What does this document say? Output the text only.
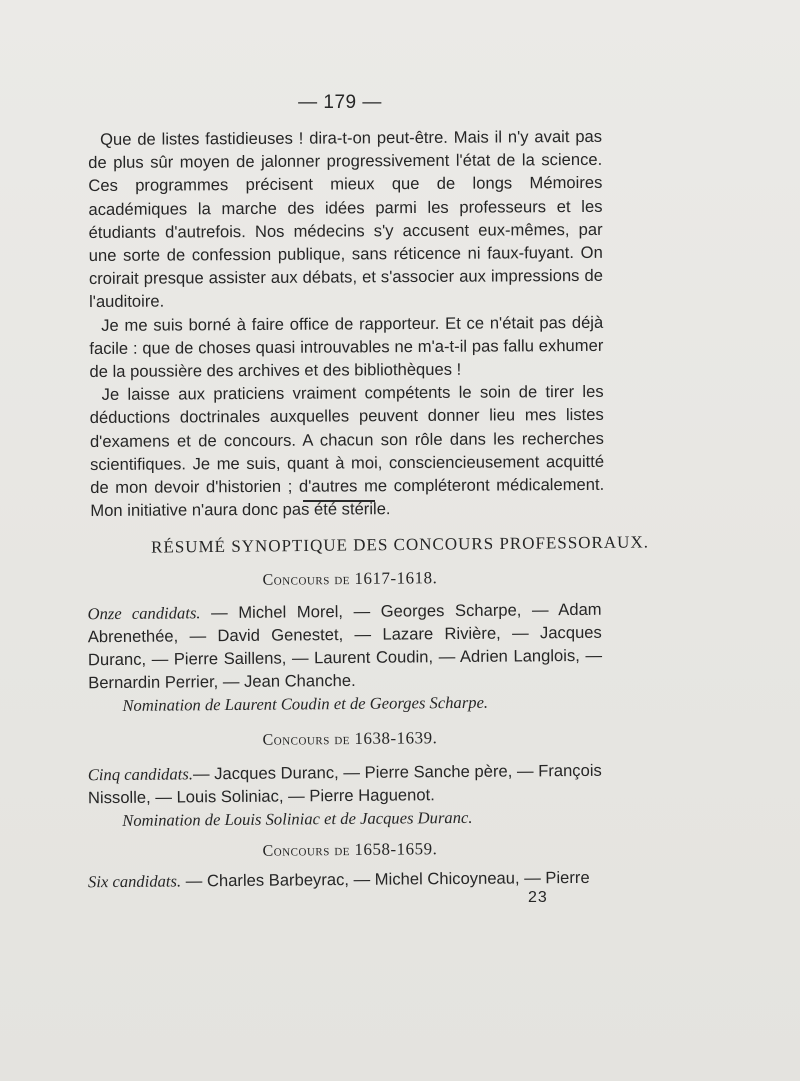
— 179 —

Que de listes fastidieuses ! dira-t-on peut-être. Mais il n'y avait pas de plus sûr moyen de jalonner progressivement l'état de la science. Ces programmes précisent mieux que de longs Mémoires académiques la marche des idées parmi les professeurs et les étudiants d'autrefois. Nos médecins s'y accusent eux-mêmes, par une sorte de confession publique, sans réticence ni faux-fuyant. On croirait presque assister aux débats, et s'associer aux impressions de l'auditoire.

Je me suis borné à faire office de rapporteur. Et ce n'était pas déjà facile : que de choses quasi introuvables ne m'a-t-il pas fallu exhumer de la poussière des archives et des bibliothèques !

Je laisse aux praticiens vraiment compétents le soin de tirer les déductions doctrinales auxquelles peuvent donner lieu mes listes d'examens et de concours. A chacun son rôle dans les recherches scientifiques. Je me suis, quant à moi, consciencieusement acquitté de mon devoir d'historien ; d'autres me compléteront médicalement. Mon initiative n'aura donc pas été stérile.

RÉSUMÉ SYNOPTIQUE DES CONCOURS PROFESSORAUX.
Concours de 1617-1618.
Onze candidats. — Michel Morel, — Georges Scharpe, — Adam Abrenethée, — David Genestet, — Lazare Rivière, — Jacques Duranc, — Pierre Saillens, — Laurent Coudin, — Adrien Langlois, — Bernardin Perrier, — Jean Chanche.
Nomination de Laurent Coudin et de Georges Scharpe.
Concours de 1638-1639.
Cinq candidats.— Jacques Duranc, — Pierre Sanche père, — François Nissolle, — Louis Soliniac, — Pierre Haguenot.
Nomination de Louis Soliniac et de Jacques Duranc.
Concours de 1658-1659.
Six candidats. — Charles Barbeyrac, — Michel Chicoyneau, — Pierre
23
